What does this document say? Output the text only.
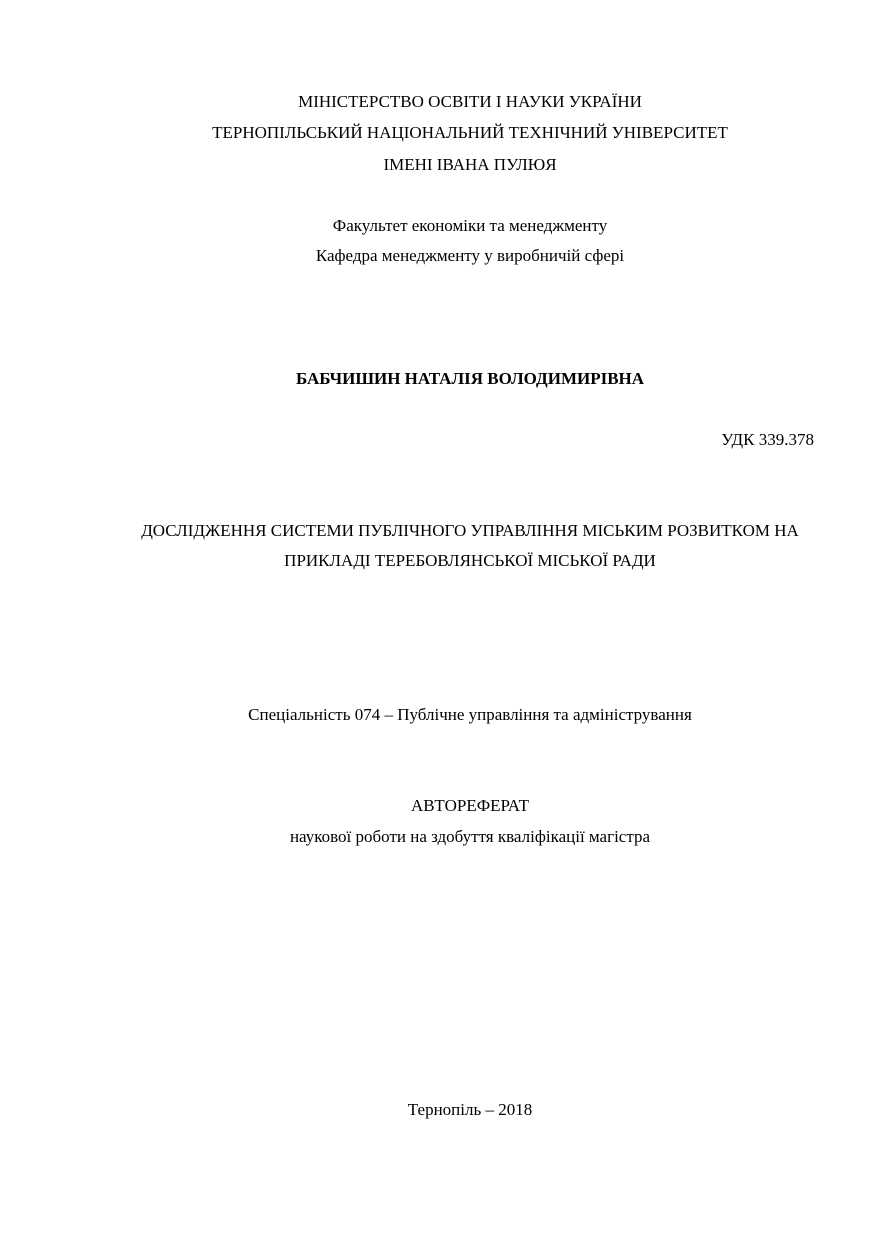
МІНІСТЕРСТВО ОСВІТИ І НАУКИ УКРАЇНИ
ТЕРНОПІЛЬСЬКИЙ НАЦІОНАЛЬНИЙ ТЕХНІЧНИЙ УНІВЕРСИТЕТ
ІМЕНІ ІВАНА ПУЛЮЯ
Факультет економіки та менеджменту
Кафедра менеджменту у виробничій сфері
БАБЧИШИН НАТАЛІЯ ВОЛОДИМИРІВНА
УДК 339.378
ДОСЛІДЖЕННЯ СИСТЕМИ ПУБЛІЧНОГО УПРАВЛІННЯ МІСЬКИМ РОЗВИТКОМ НА
ПРИКЛАДІ ТЕРЕБОВЛЯНСЬКОЇ МІСЬКОЇ РАДИ
Спеціальність 074 – Публічне управління та адміністрування
АВТОРЕФЕРАТ
наукової роботи на здобуття кваліфікації магістра
Тернопіль – 2018
